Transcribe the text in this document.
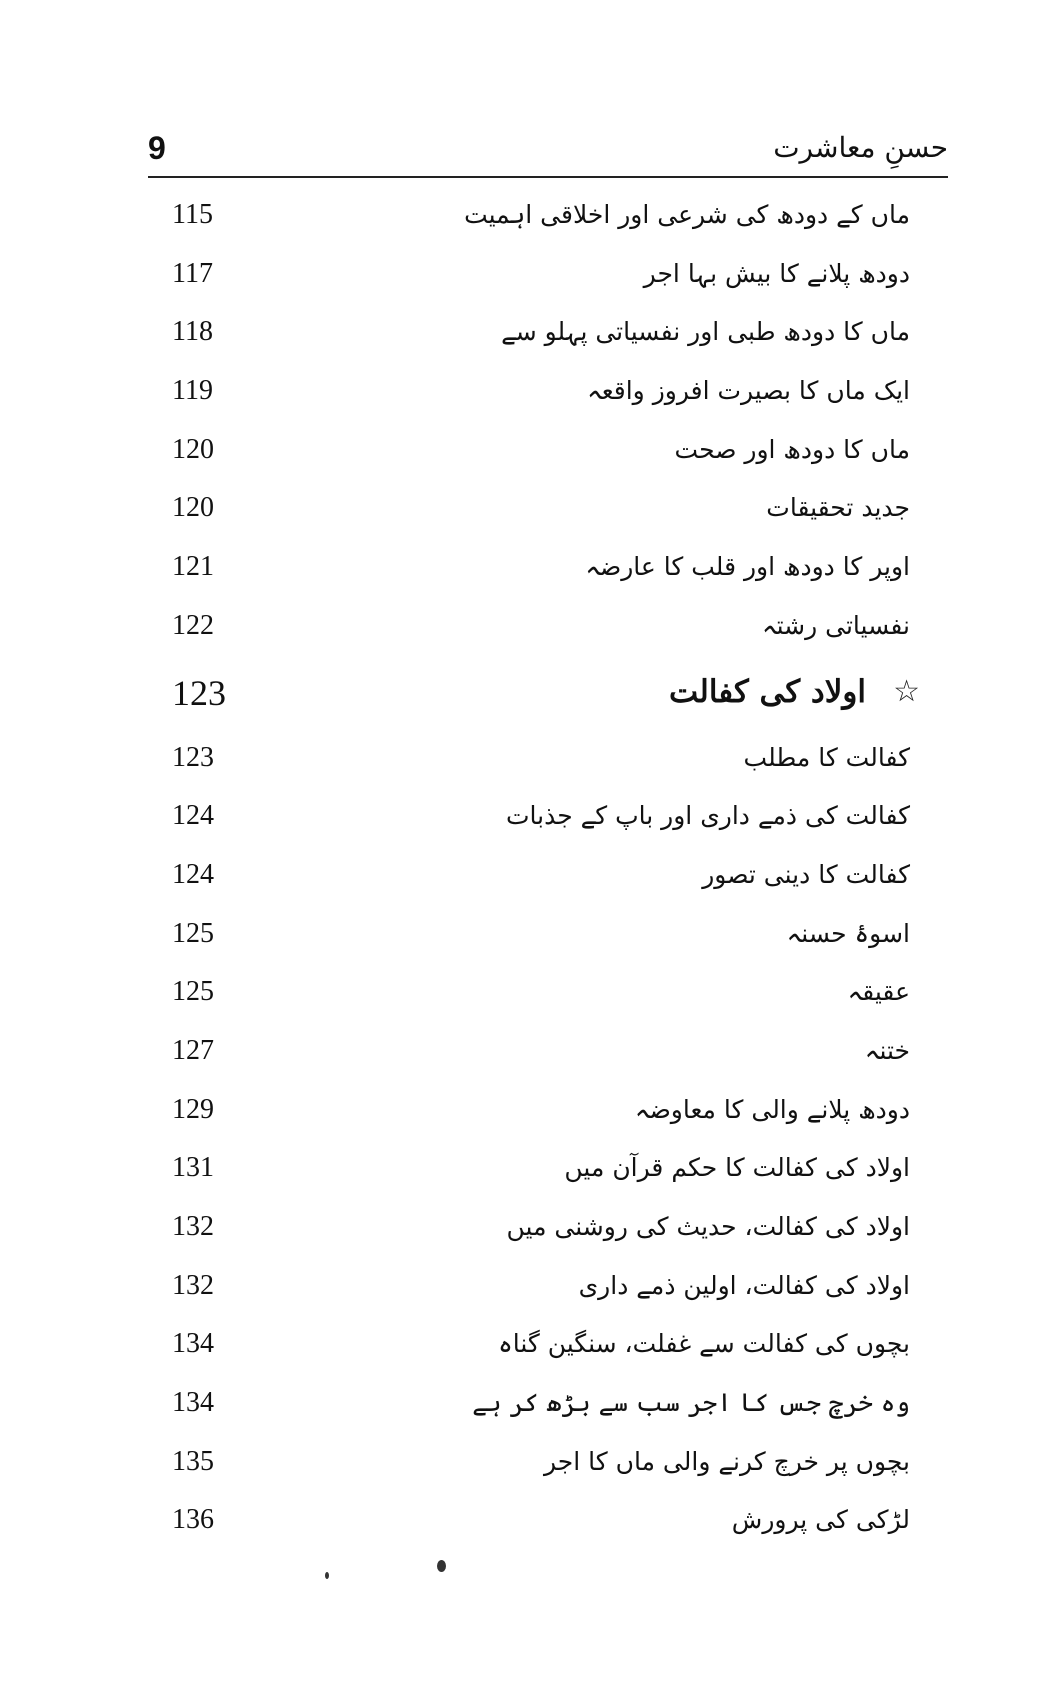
9	حسنِ معاشرت
115	ماں کے دودھ کی شرعی اور اخلاقی اہمیت
117	دودھ پلانے کا بیش بہا اجر
118	ماں کا دودھ طبی اور نفسیاتی پہلو سے
119	ایک ماں کا بصیرت افروز واقعہ
120	ماں کا دودھ اور صحت
120	جدید تحقیقات
121	اوپر کا دودھ اور قلب کا عارضہ
122	نفسیاتی رشتہ
123	اولاد کی کفالت ☆
123	کفالت کا مطلب
124	کفالت کی ذمے داری اور باپ کے جذبات
124	کفالت کا دینی تصور
125	اسوۂ حسنہ
125	عقیقہ
127	ختنہ
129	دودھ پلانے والی کا معاوضہ
131	اولاد کی کفالت کا حکم قرآن میں
132	اولاد کی کفالت، حدیث کی روشنی میں
132	اولاد کی کفالت، اولین ذمے داری
134	بچوں کی کفالت سے غفلت، سنگین گناہ
134	وہ خرچ جس کا اجر سب سے بڑھ کر ہے
135	بچوں پر خرچ کرنے والی ماں کا اجر
136	لڑکی کی پرورش
